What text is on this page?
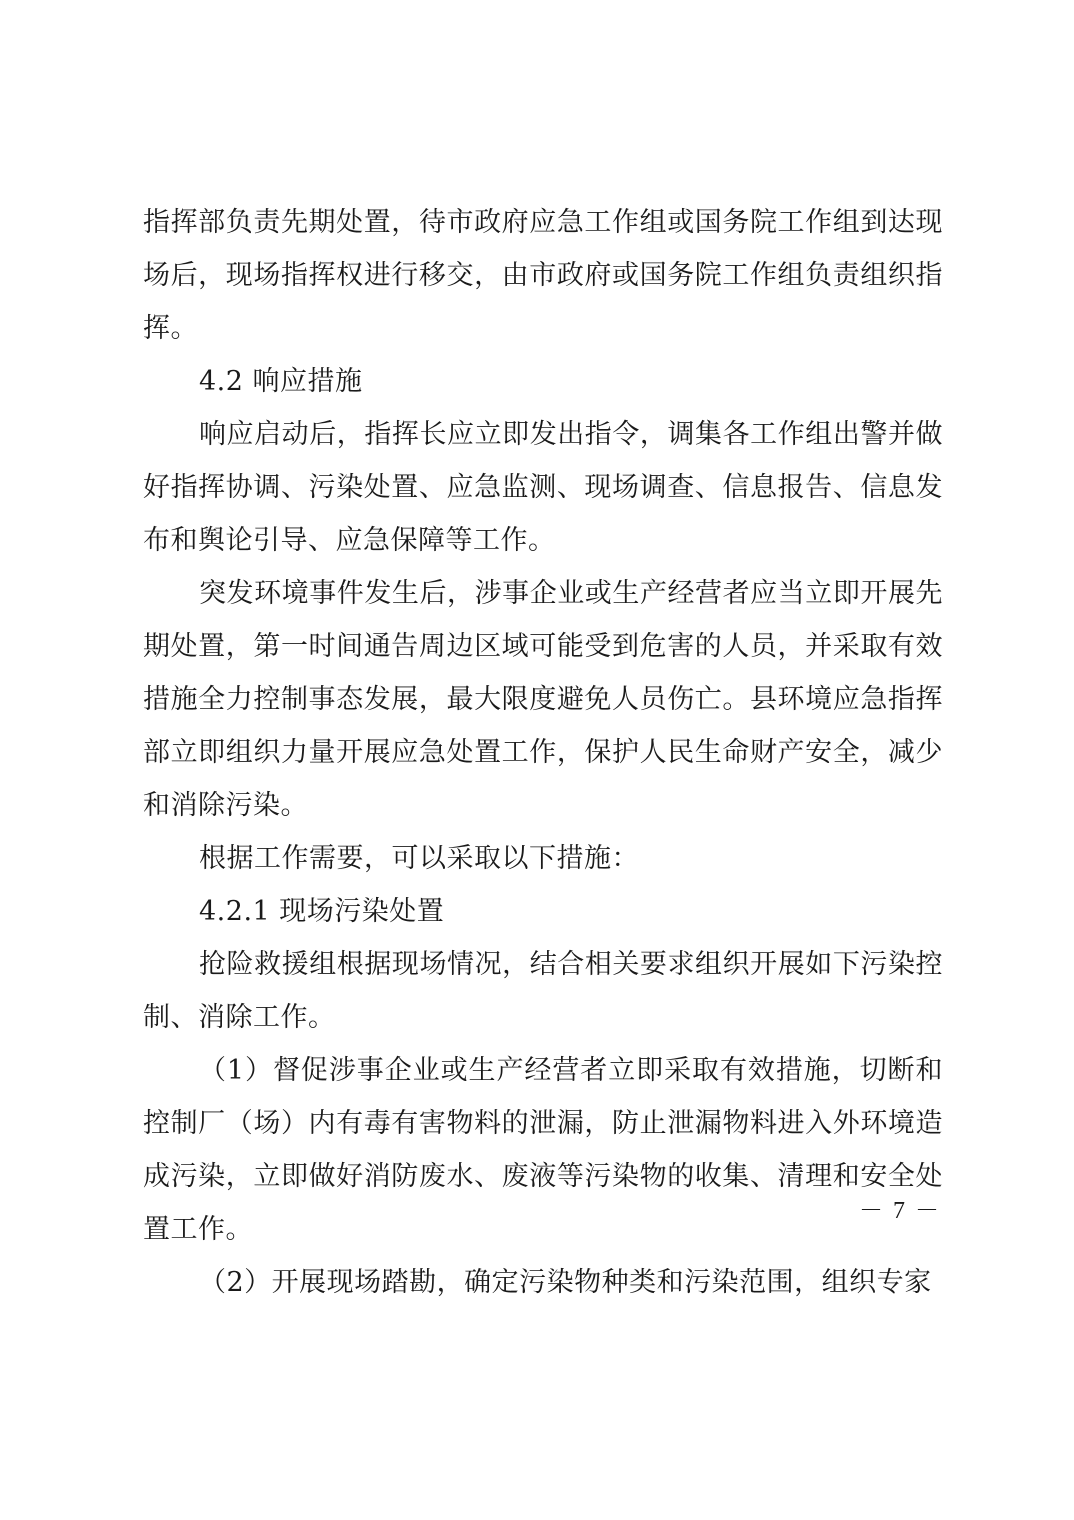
指挥部负责先期处置，待市政府应急工作组或国务院工作组到达现场后，现场指挥权进行移交，由市政府或国务院工作组负责组织指挥。

4.2 响应措施

响应启动后，指挥长应立即发出指令，调集各工作组出警并做好指挥协调、污染处置、应急监测、现场调查、信息报告、信息发布和舆论引导、应急保障等工作。

突发环境事件发生后，涉事企业或生产经营者应当立即开展先期处置，第一时间通告周边区域可能受到危害的人员，并采取有效措施全力控制事态发展，最大限度避免人员伤亡。县环境应急指挥部立即组织力量开展应急处置工作，保护人民生命财产安全，减少和消除污染。

根据工作需要，可以采取以下措施：

4.2.1 现场污染处置

抢险救援组根据现场情况，结合相关要求组织开展如下污染控制、消除工作。

（1）督促涉事企业或生产经营者立即采取有效措施，切断和控制厂（场）内有毒有害物料的泄漏，防止泄漏物料进入外环境造成污染，立即做好消防废水、废液等污染物的收集、清理和安全处置工作。

（2）开展现场踏勘，确定污染物种类和污染范围，组织专家

－ 7 －
